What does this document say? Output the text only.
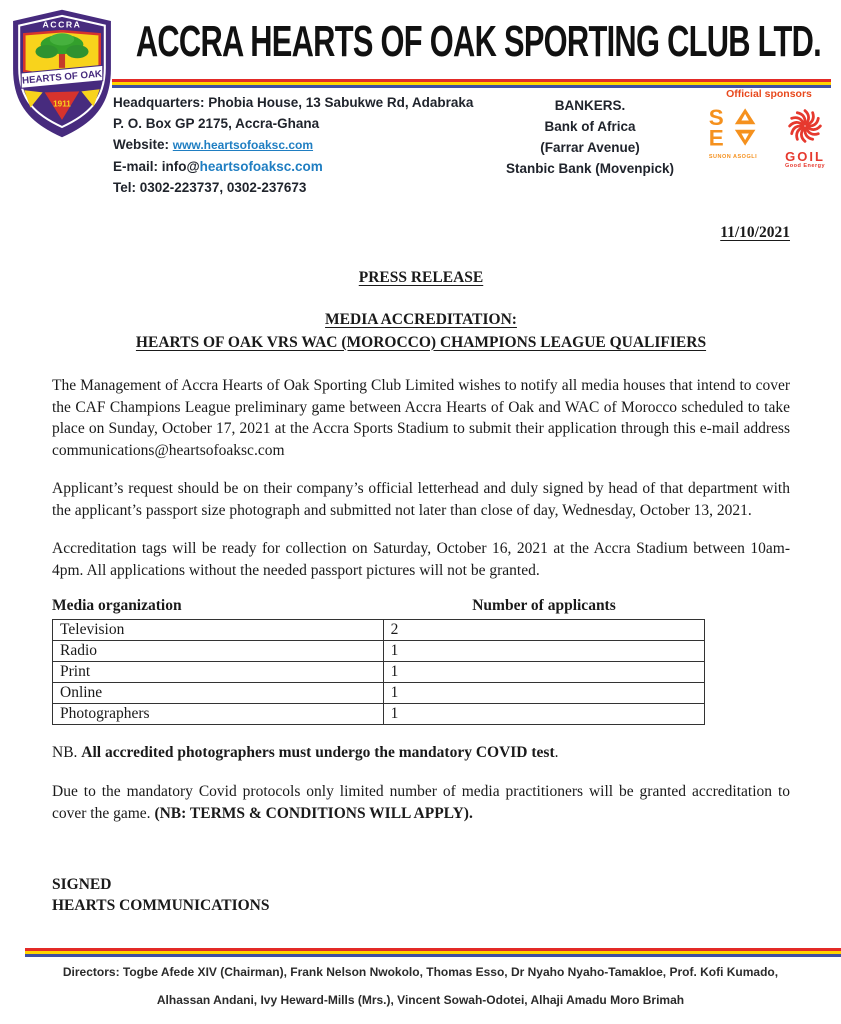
ACCRA
HEARTS OF OAK
1911
ACCRA HEARTS OF OAK SPORTING CLUB LTD.
Headquarters: Phobia House, 13 Sabukwe Rd, Adabraka
P. O. Box GP 2175, Accra-Ghana
Website: www.heartsofoaksc.com
E-mail: info@heartsofoaksc.com
Tel: 0302-223737, 0302-237673
BANKERS.
Bank of Africa
(Farrar Avenue)
Stanbic Bank (Movenpick)
Official sponsors
S
E
SUNON ASOGLI	GOIL
Good Energy
11/10/2021
PRESS RELEASE
MEDIA ACCREDITATION:
HEARTS OF OAK VRS WAC (MOROCCO) CHAMPIONS LEAGUE QUALIFIERS

The Management of Accra Hearts of Oak Sporting Club Limited wishes to notify all media houses that intend to cover the CAF Champions League preliminary game between Accra Hearts of Oak and WAC of Morocco scheduled to take place on Sunday, October 17, 2021 at the Accra Sports Stadium to submit their application through this e-mail address communications@heartsofoaksc.com

Applicant’s request should be on their company’s official letterhead and duly signed by head of that department with the applicant’s passport size photograph and submitted not later than close of day, Wednesday, October 13, 2021.

Accreditation tags will be ready for collection on Saturday, October 16, 2021 at the Accra Stadium between 10am-4pm. All applications without the needed passport pictures will not be granted.

Media organization	Number of applicants
Television	2
Radio	1
Print	1
Online	1
Photographers	1

NB. All accredited photographers must undergo the mandatory COVID test.

Due to the mandatory Covid protocols only limited number of media practitioners will be granted accreditation to cover the game. (NB: TERMS & CONDITIONS WILL APPLY).

SIGNED
HEARTS COMMUNICATIONS
Directors: Togbe Afede XIV (Chairman), Frank Nelson Nwokolo, Thomas Esso, Dr Nyaho Nyaho-Tamakloe, Prof. Kofi Kumado,
Alhassan Andani, Ivy Heward-Mills (Mrs.), Vincent Sowah-Odotei, Alhaji Amadu Moro Brimah
